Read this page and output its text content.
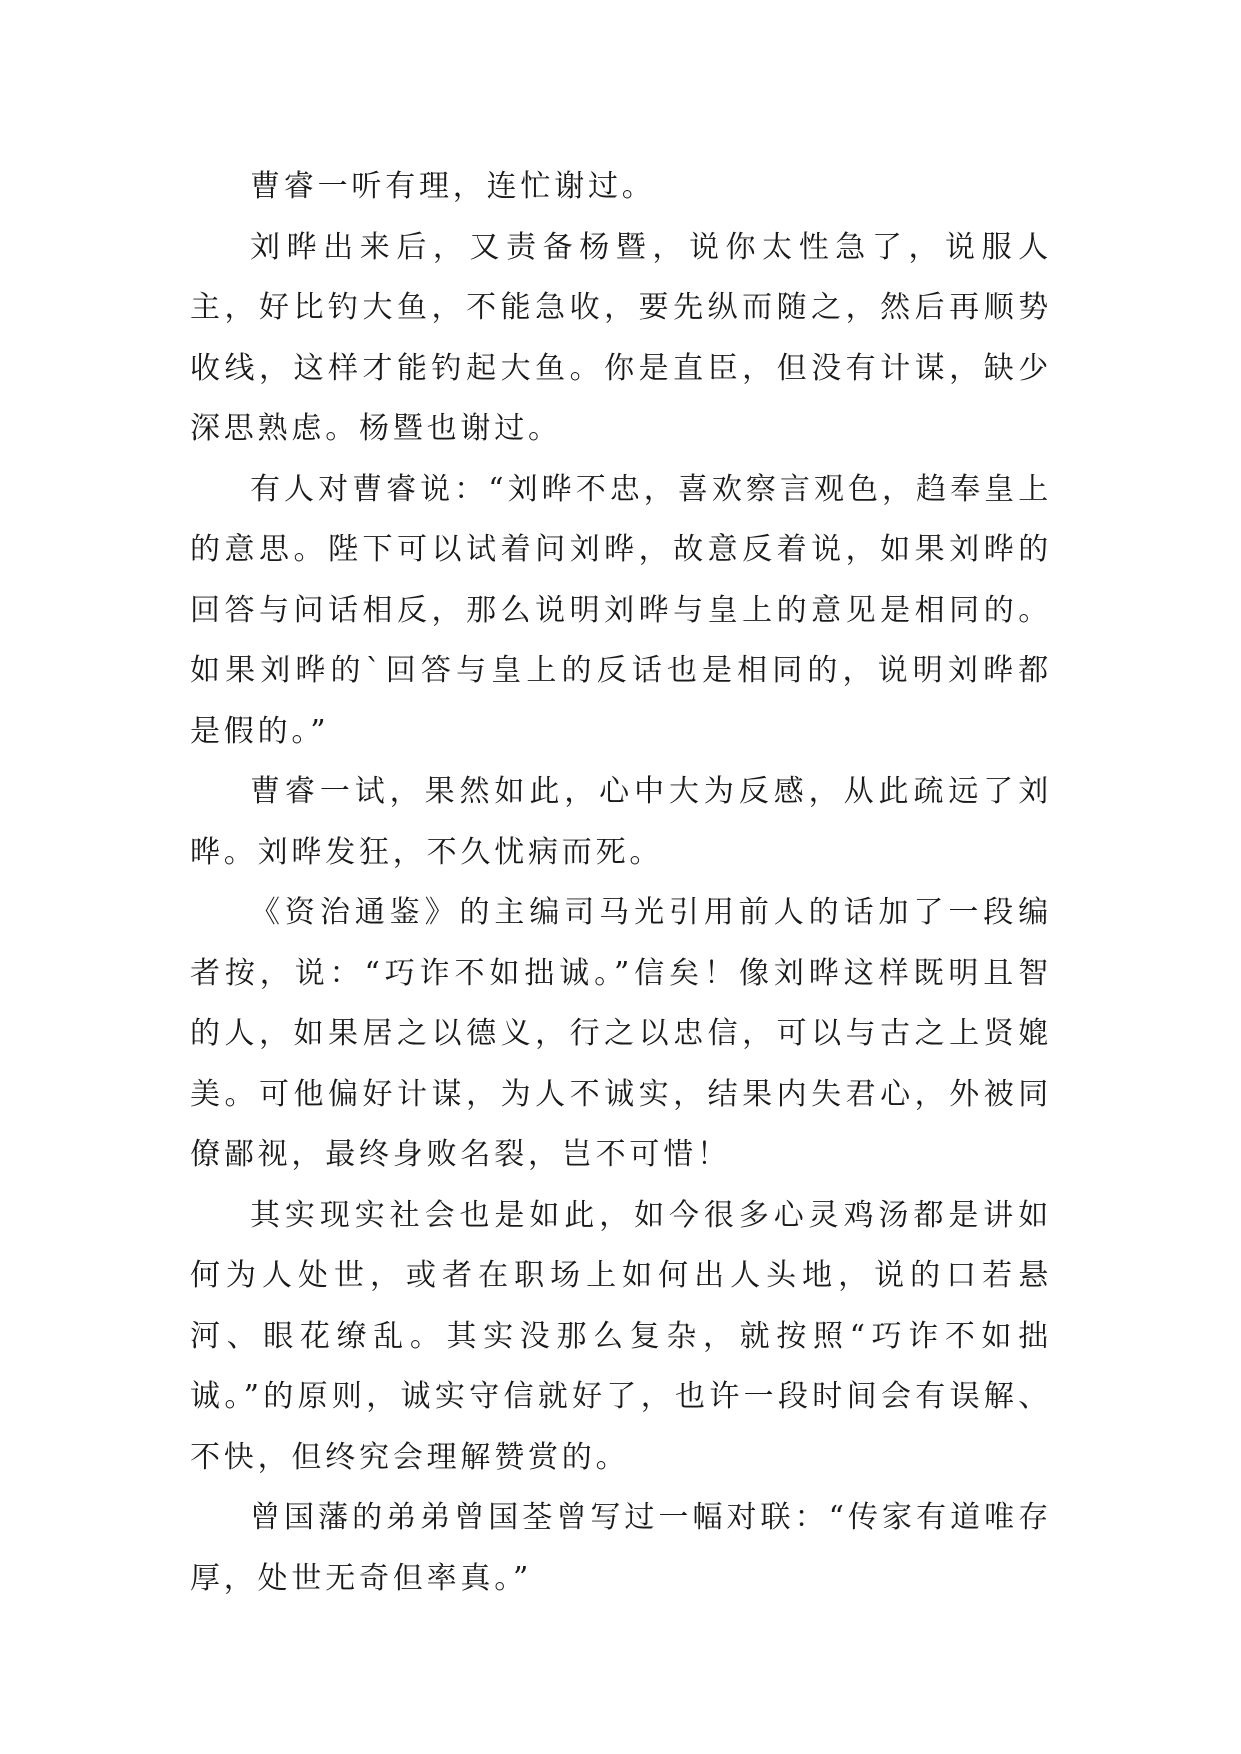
曹睿一听有理，连忙谢过。

刘晔出来后，又责备杨暨，说你太性急了，说服人主，好比钓大鱼，不能急收，要先纵而随之，然后再顺势收线，这样才能钓起大鱼。你是直臣，但没有计谋，缺少深思熟虑。杨暨也谢过。

有人对曹睿说：“刘晔不忠，喜欢察言观色，趋奉皇上的意思。陛下可以试着问刘晔，故意反着说，如果刘晔的回答与问话相反，那么说明刘晔与皇上的意见是相同的。如果刘晔的`回答与皇上的反话也是相同的，说明刘晔都是假的。”

曹睿一试，果然如此，心中大为反感，从此疏远了刘晔。刘晔发狂，不久忧病而死。

《资治通鉴》的主编司马光引用前人的话加了一段编者按，说：“巧诈不如拙诚。”信矣！像刘晔这样既明且智的人，如果居之以德义，行之以忠信，可以与古之上贤媲美。可他偏好计谋，为人不诚实，结果内失君心，外被同僚鄙视，最终身败名裂，岂不可惜！

其实现实社会也是如此，如今很多心灵鸡汤都是讲如何为人处世，或者在职场上如何出人头地，说的口若悬河、眼花缭乱。其实没那么复杂，就按照“巧诈不如拙诚。”的原则，诚实守信就好了，也许一段时间会有误解、不快，但终究会理解赞赏的。

曾国藩的弟弟曾国荃曾写过一幅对联：“传家有道唯存厚，处世无奇但率真。”
